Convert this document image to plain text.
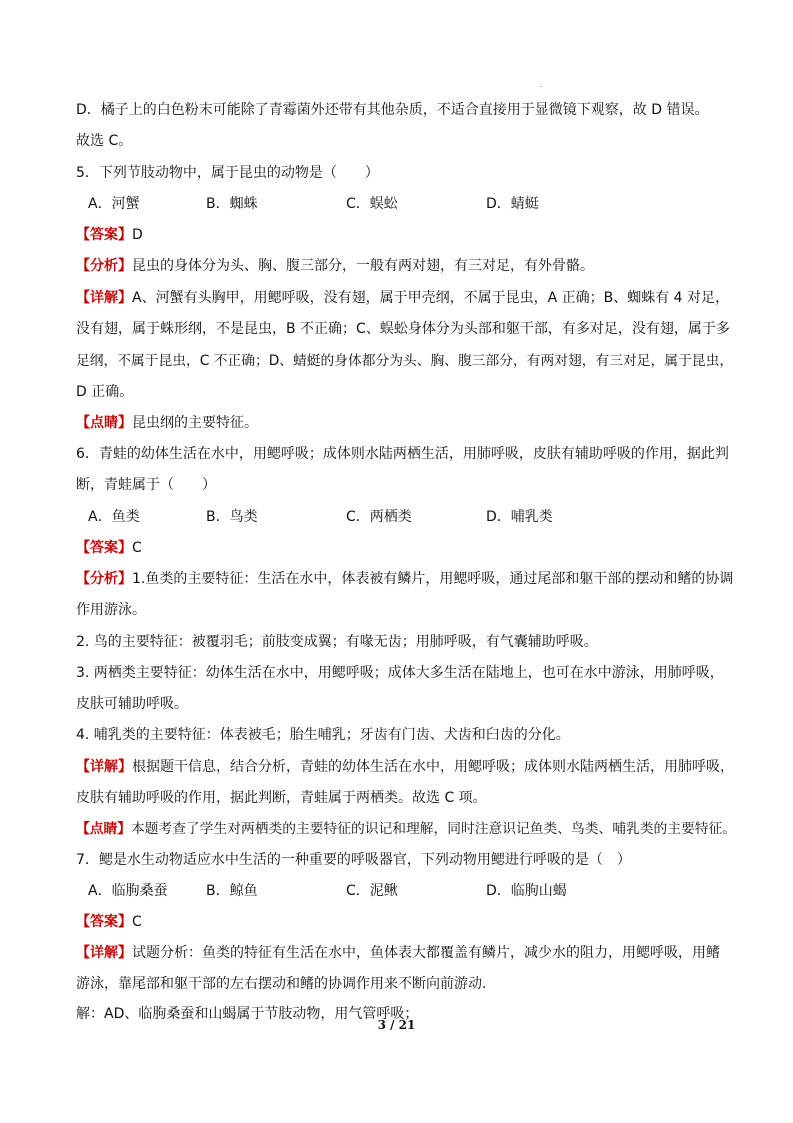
D．橘子上的白色粉末可能除了青霉菌外还带有其他杂质，不适合直接用于显微镜下观察，故 D 错误。

故选 C。

5．下列节肢动物中，属于昆虫的动物是（　　）

A．河蟹	B．蜘蛛	C．蜈蚣	D．蜻蜓

【答案】D

【分析】昆虫的身体分为头、胸、腹三部分，一般有两对翅，有三对足，有外骨骼。

【详解】A、河蟹有头胸甲，用鳃呼吸，没有翅，属于甲壳纲，不属于昆虫，A 正确；B、蜘蛛有 4 对足，

没有翅，属于蛛形纲，不是昆虫，B 不正确；C、蜈蚣身体分为头部和躯干部，有多对足，没有翅，属于多

足纲，不属于昆虫，C 不正确；D、蜻蜓的身体都分为头、胸、腹三部分，有两对翅，有三对足，属于昆虫，

D 正确。

【点睛】昆虫纲的主要特征。

6．青蛙的幼体生活在水中，用鳃呼吸；成体则水陆两栖生活，用肺呼吸，皮肤有辅助呼吸的作用，据此判

断，青蛙属于（　　）

A．鱼类	B．鸟类	C．两栖类	D．哺乳类

【答案】C

【分析】1.鱼类的主要特征：生活在水中，体表被有鳞片，用鳃呼吸，通过尾部和躯干部的摆动和鳍的协调

作用游泳。

2. 鸟的主要特征：被覆羽毛；前肢变成翼；有喙无齿；用肺呼吸，有气囊辅助呼吸。

3. 两栖类主要特征：幼体生活在水中，用鳃呼吸；成体大多生活在陆地上，也可在水中游泳，用肺呼吸，

皮肤可辅助呼吸。

4. 哺乳类的主要特征：体表被毛；胎生哺乳；牙齿有门齿、犬齿和臼齿的分化。

【详解】根据题干信息，结合分析，青蛙的幼体生活在水中，用鳃呼吸；成体则水陆两栖生活，用肺呼吸，

皮肤有辅助呼吸的作用，据此判断，青蛙属于两栖类。故选 C 项。

【点睛】本题考查了学生对两栖类的主要特征的识记和理解，同时注意识记鱼类、鸟类、哺乳类的主要特征。

7．鳃是水生动物适应水中生活的一种重要的呼吸器官，下列动物用鳃进行呼吸的是（　）

A．临朐桑蚕	B．鲸鱼	C．泥鳅	D．临朐山蝎

【答案】C

【详解】试题分析：鱼类的特征有生活在水中，鱼体表大都覆盖有鳞片，减少水的阻力，用鳃呼吸，用鳍

游泳，靠尾部和躯干部的左右摆动和鳍的协调作用来不断向前游动.

解：AD、临朐桑蚕和山蝎属于节肢动物，用气管呼吸；

3 / 21
